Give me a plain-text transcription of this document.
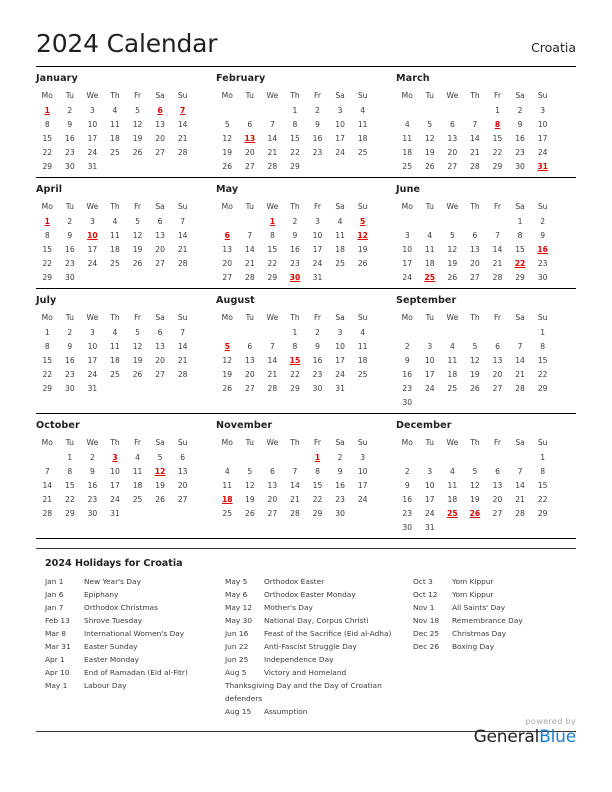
2024 Calendar	Croatia
January
Mo	Tu	We	Th	Fr	Sa	Su
1	2	3	4	5	6	7
8	9	10	11	12	13	14
15	16	17	18	19	20	21
22	23	24	25	26	27	28
29	30	31				
February
Mo	Tu	We	Th	Fr	Sa	Su
			1	2	3	4
5	6	7	8	9	10	11
12	13	14	15	16	17	18
19	20	21	22	23	24	25
26	27	28	29			
March
Mo	Tu	We	Th	Fr	Sa	Su
				1	2	3
4	5	6	7	8	9	10
11	12	13	14	15	16	17
18	19	20	21	22	23	24
25	26	27	28	29	30	31
April
Mo	Tu	We	Th	Fr	Sa	Su
1	2	3	4	5	6	7
8	9	10	11	12	13	14
15	16	17	18	19	20	21
22	23	24	25	26	27	28
29	30					
May
Mo	Tu	We	Th	Fr	Sa	Su
		1	2	3	4	5
6	7	8	9	10	11	12
13	14	15	16	17	18	19
20	21	22	23	24	25	26
27	28	29	30	31		
June
Mo	Tu	We	Th	Fr	Sa	Su
					1	2
3	4	5	6	7	8	9
10	11	12	13	14	15	16
17	18	19	20	21	22	23
24	25	26	27	28	29	30
July
Mo	Tu	We	Th	Fr	Sa	Su
1	2	3	4	5	6	7
8	9	10	11	12	13	14
15	16	17	18	19	20	21
22	23	24	25	26	27	28
29	30	31				
August
Mo	Tu	We	Th	Fr	Sa	Su
			1	2	3	4
5	6	7	8	9	10	11
12	13	14	15	16	17	18
19	20	21	22	23	24	25
26	27	28	29	30	31	
September
Mo	Tu	We	Th	Fr	Sa	Su
						1
2	3	4	5	6	7	8
9	10	11	12	13	14	15
16	17	18	19	20	21	22
23	24	25	26	27	28	29
30						
October
Mo	Tu	We	Th	Fr	Sa	Su
	1	2	3	4	5	6
7	8	9	10	11	12	13
14	15	16	17	18	19	20
21	22	23	24	25	26	27
28	29	30	31			
November
Mo	Tu	We	Th	Fr	Sa	Su
				1	2	3
4	5	6	7	8	9	10
11	12	13	14	15	16	17
18	19	20	21	22	23	24
25	26	27	28	29	30	
December
Mo	Tu	We	Th	Fr	Sa	Su
						1
2	3	4	5	6	7	8
9	10	11	12	13	14	15
16	17	18	19	20	21	22
23	24	25	26	27	28	29
30	31					
2024 Holidays for Croatia
Jan 1	New Year's Day
Jan 6	Epiphany
Jan 7	Orthodox Christmas
Feb 13	Shrove Tuesday
Mar 8	International Women's Day
Mar 31	Easter Sunday
Apr 1	Easter Monday
Apr 10	End of Ramadan (Eid al-Fitr)
May 1	Labour Day
May 5	Orthodox Easter
May 6	Orthodox Easter Monday
May 12	Mother's Day
May 30	National Day, Corpus Christi
Jun 16	Feast of the Sacrifice (Eid al-Adha)
Jun 22	Anti-Fascist Struggle Day
Jun 25	Independence Day
Aug 5 Victory and Homeland Thanksgiving Day and the Day of Croatian defenders
Aug 15	Assumption
Oct 3	Yom Kippur
Oct 12	Yom Kippur
Nov 1	All Saints' Day
Nov 18	Remembrance Day
Dec 25	Christmas Day
Dec 26	Boxing Day
powered by
GeneralBlue
